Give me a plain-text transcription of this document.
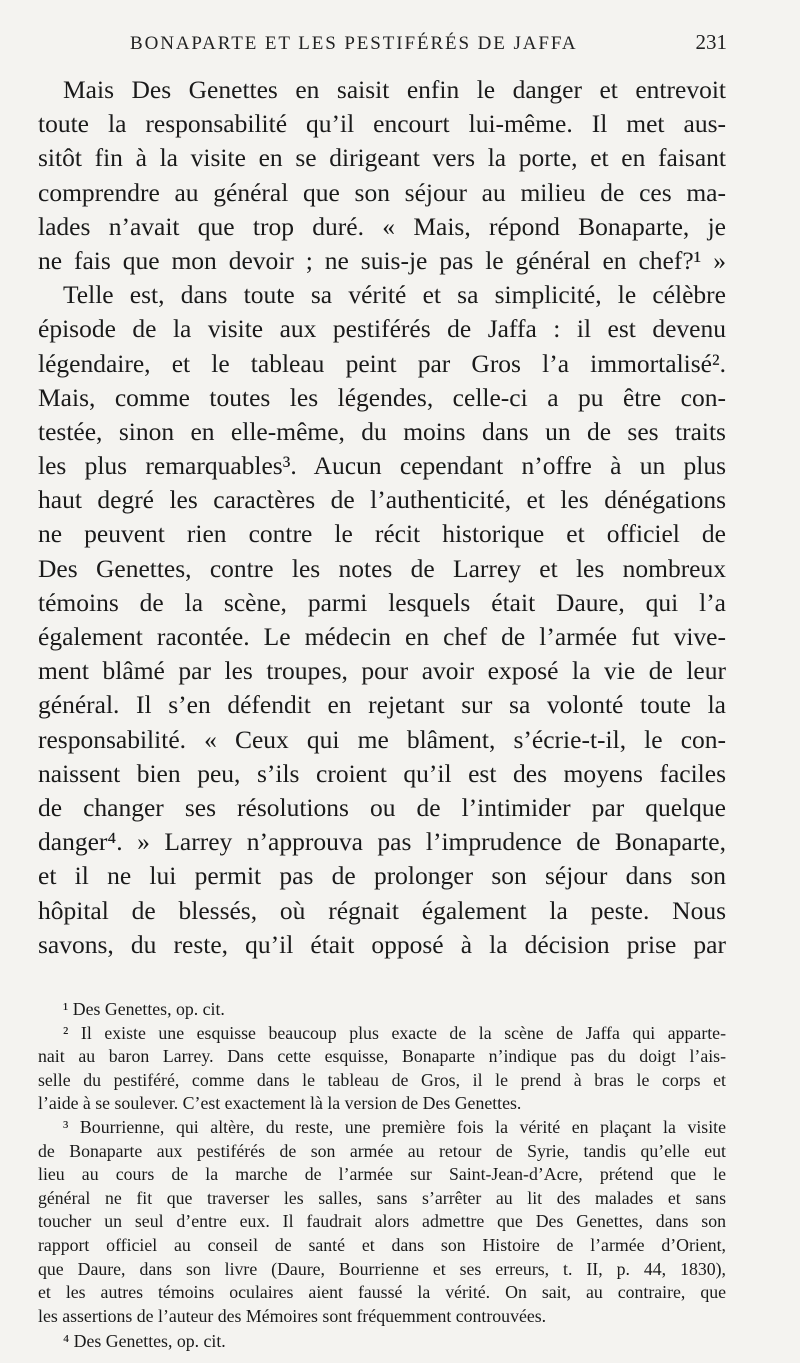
BONAPARTE ET LES PESTIFÉRÉS DE JAFFA	231
Mais Des Genettes en saisit enfin le danger et entrevoit
toute la responsabilité qu’il encourt lui-même. Il met aus-
sitôt fin à la visite en se dirigeant vers la porte, et en faisant
comprendre au général que son séjour au milieu de ces ma-
lades n’avait que trop duré. « Mais, répond Bonaparte, je
ne fais que mon devoir ; ne suis-je pas le général en chef?¹ »
Telle est, dans toute sa vérité et sa simplicité, le célèbre
épisode de la visite aux pestiférés de Jaffa : il est devenu
légendaire, et le tableau peint par Gros l’a immortalisé².
Mais, comme toutes les légendes, celle-ci a pu être con-
testée, sinon en elle-même, du moins dans un de ses traits
les plus remarquables³. Aucun cependant n’offre à un plus
haut degré les caractères de l’authenticité, et les dénégations
ne peuvent rien contre le récit historique et officiel de
Des Genettes, contre les notes de Larrey et les nombreux
témoins de la scène, parmi lesquels était Daure, qui l’a
également racontée. Le médecin en chef de l’armée fut vive-
ment blâmé par les troupes, pour avoir exposé la vie de leur
général. Il s’en défendit en rejetant sur sa volonté toute la
responsabilité. « Ceux qui me blâment, s’écrie-t-il, le con-
naissent bien peu, s’ils croient qu’il est des moyens faciles
de changer ses résolutions ou de l’intimider par quelque
danger⁴. » Larrey n’approuva pas l’imprudence de Bonaparte,
et il ne lui permit pas de prolonger son séjour dans son
hôpital de blessés, où régnait également la peste. Nous
savons, du reste, qu’il était opposé à la décision prise par
¹ Des Genettes, op. cit.
² Il existe une esquisse beaucoup plus exacte de la scène de Jaffa qui apparte-
nait au baron Larrey. Dans cette esquisse, Bonaparte n’indique pas du doigt l’ais-
selle du pestiféré, comme dans le tableau de Gros, il le prend à bras le corps et
l’aide à se soulever. C’est exactement là la version de Des Genettes.
³ Bourrienne, qui altère, du reste, une première fois la vérité en plaçant la visite
de Bonaparte aux pestiférés de son armée au retour de Syrie, tandis qu’elle eut
lieu au cours de la marche de l’armée sur Saint-Jean-d’Acre, prétend que le
général ne fit que traverser les salles, sans s’arrêter au lit des malades et sans
toucher un seul d’entre eux. Il faudrait alors admettre que Des Genettes, dans son
rapport officiel au conseil de santé et dans son Histoire de l’armée d’Orient,
que Daure, dans son livre (Daure, Bourrienne et ses erreurs, t. II, p. 44, 1830),
et les autres témoins oculaires aient faussé la vérité. On sait, au contraire, que
les assertions de l’auteur des Mémoires sont fréquemment controuvées.
⁴ Des Genettes, op. cit.
